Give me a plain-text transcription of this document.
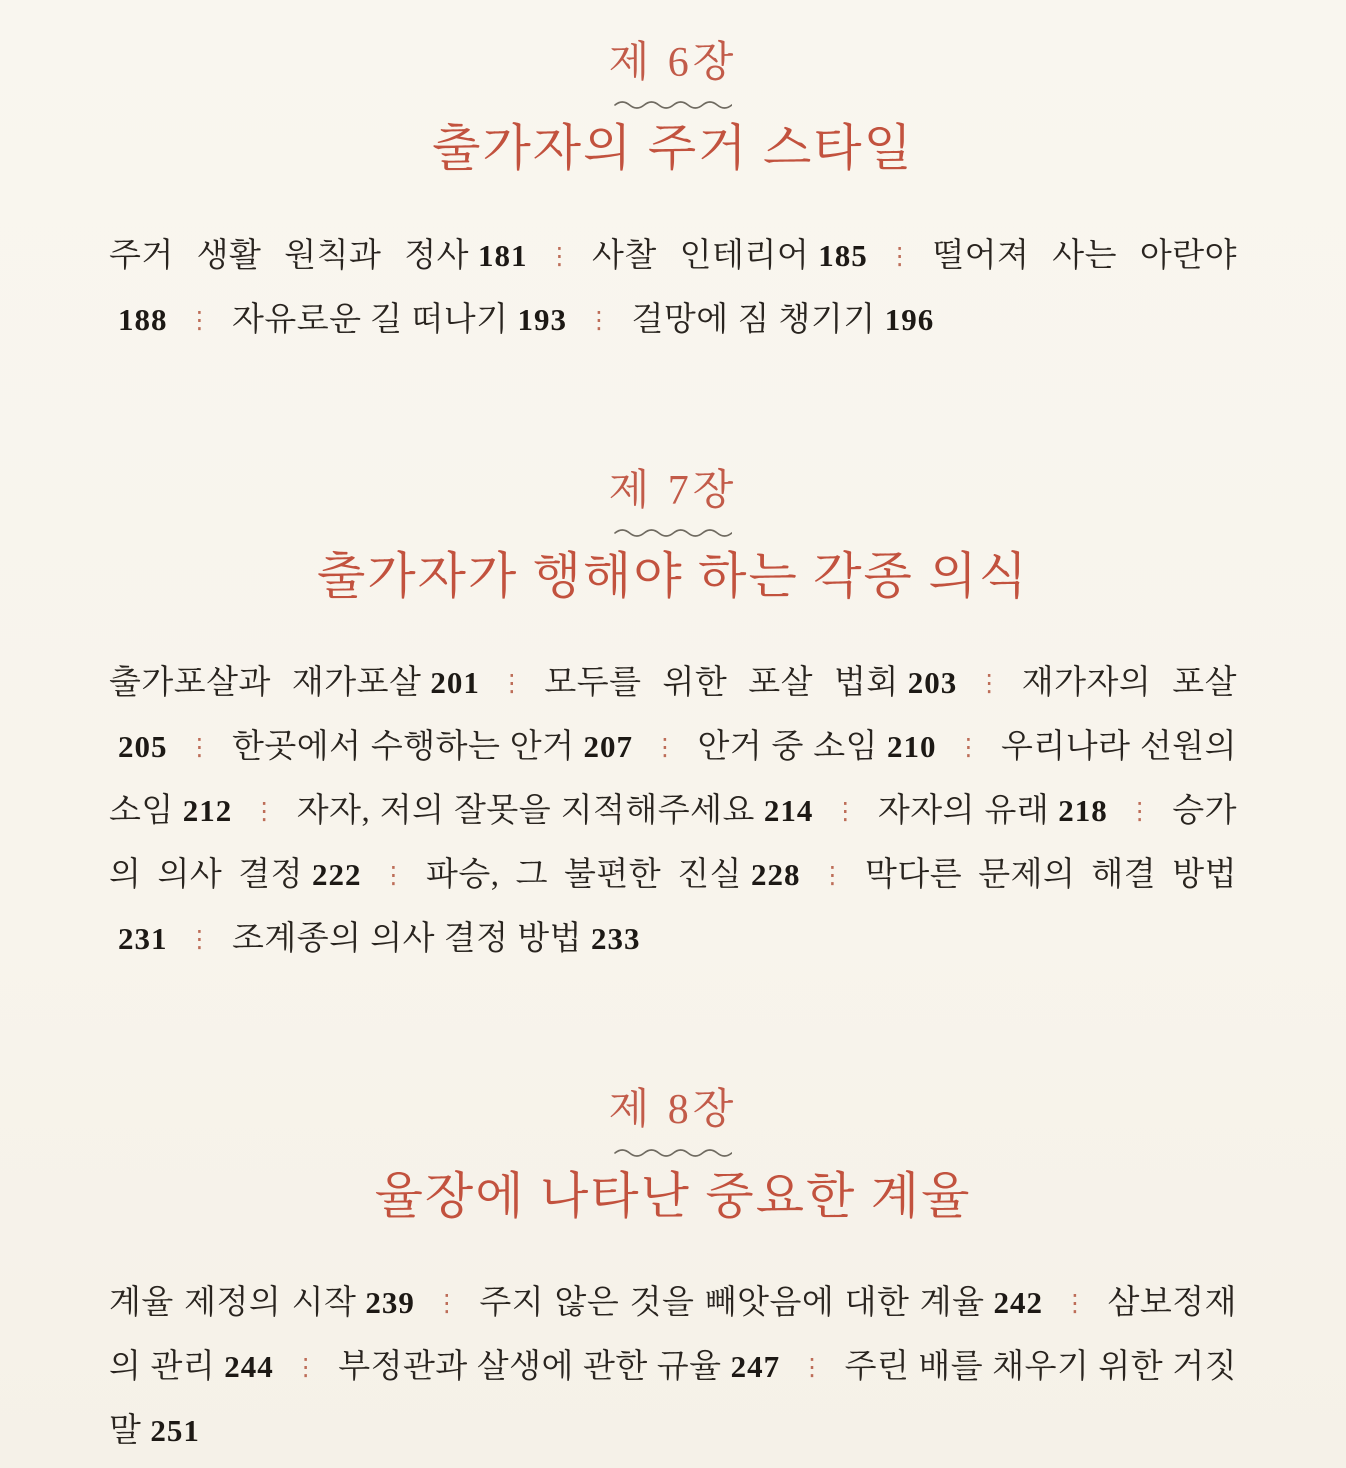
제 6장
출가자의 주거 스타일

주거 생활 원칙과 정사 181 ⋮ 사찰 인테리어 185 ⋮ 떨어져 사는 아란야188 ⋮ 자유로운 길 떠나기 193 ⋮ 걸망에 짐 챙기기 196

제 7장
출가자가 행해야 하는 각종 의식

출가포살과 재가포살 201 ⋮ 모두를 위한 포살 법회 203 ⋮ 재가자의 포살205 ⋮ 한곳에서 수행하는 안거 207 ⋮ 안거 중 소임 210 ⋮ 우리나라 선원의 소임 212 ⋮ 자자, 저의 잘못을 지적해주세요 214 ⋮ 자자의 유래 218 ⋮ 승가의 의사 결정 222 ⋮ 파승, 그 불편한 진실 228 ⋮ 막다른 문제의 해결 방법231 ⋮ 조계종의 의사 결정 방법 233

제 8장
율장에 나타난 중요한 계율

계율 제정의 시작 239 ⋮ 주지 않은 것을 빼앗음에 대한 계율 242 ⋮ 삼보정재의 관리 244 ⋮ 부정관과 살생에 관한 규율 247 ⋮ 주린 배를 채우기 위한 거짓말 251
